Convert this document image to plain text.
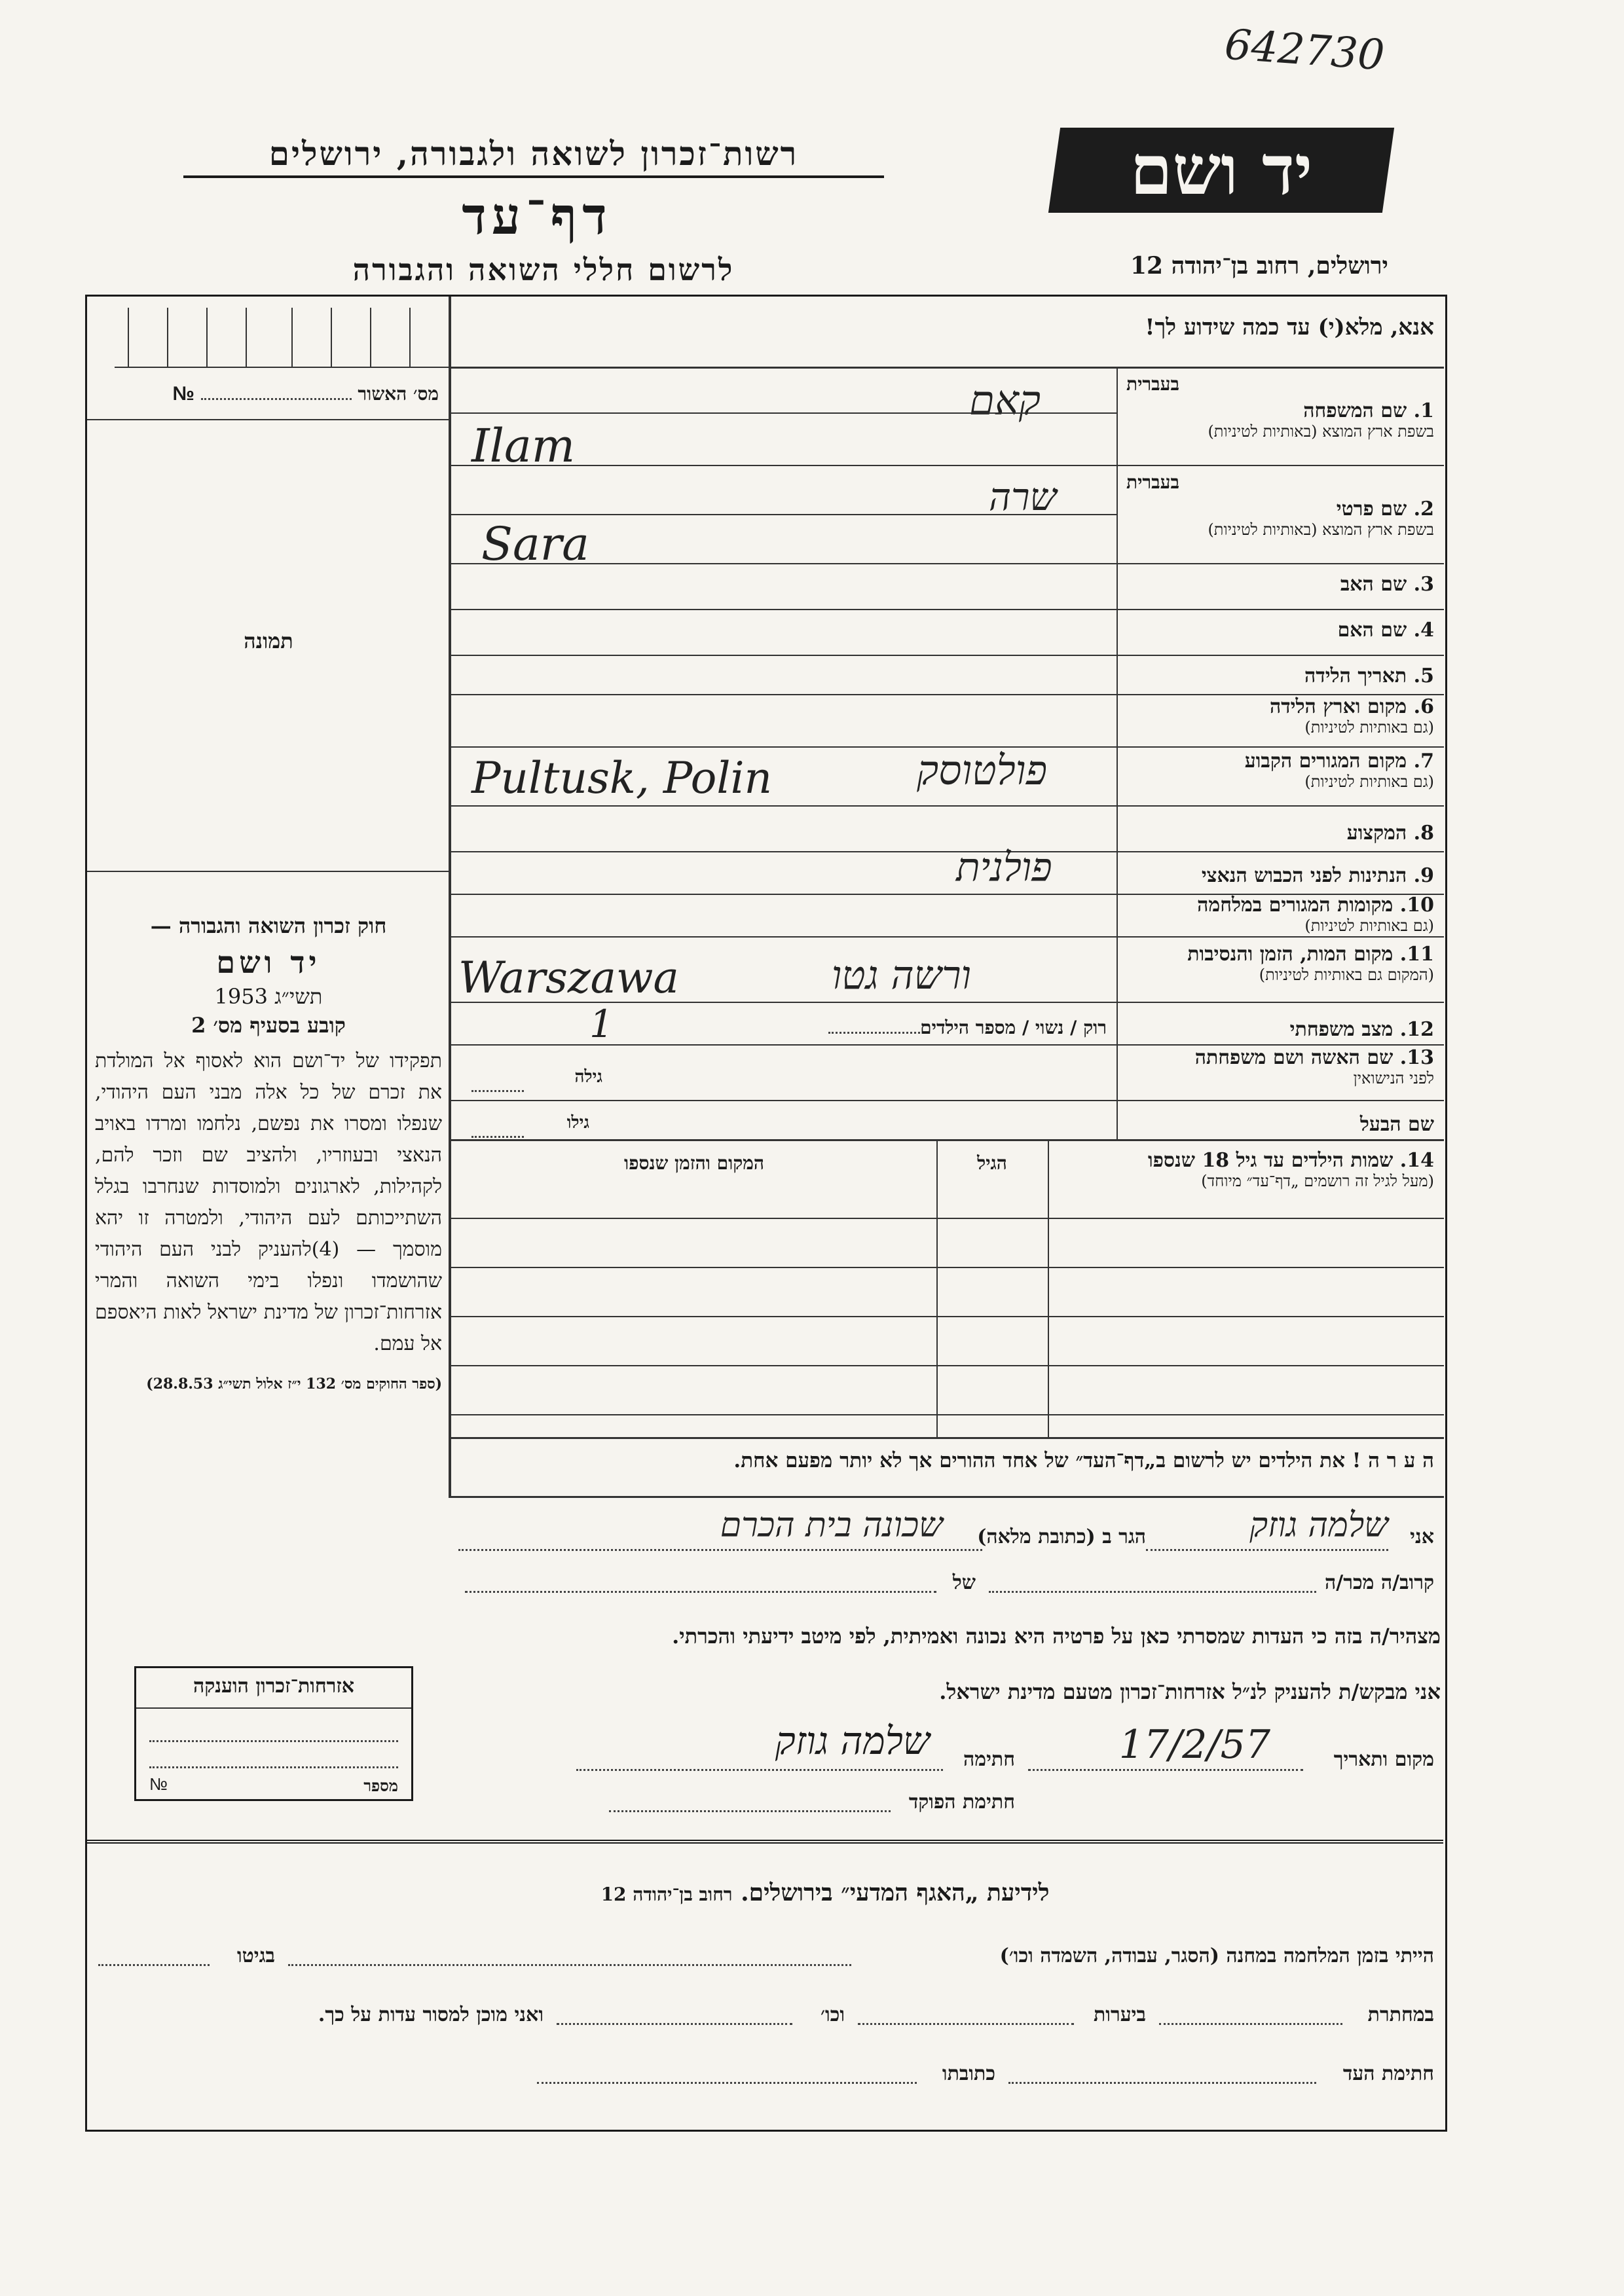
642730
יד ושם
רשות־זכרון לשואה ולגבורה, ירושלים
דף־עד
לרשום חללי השואה והגבורה	ירושלים, רחוב בן־יהודה 12
אנא, מלא(י) עד כמה שידוע לך!
מס׳ האשור  №
תמונה
בעברית
1. שם המשפחה
בשפת ארץ המוצא (באותיות לטיניות)
קאם
Ilam
בעברית
2. שם פרטי
בשפת ארץ המוצא (באותיות לטיניות)
שרה
Sara
3. שם האב
4. שם האם
5. תאריך הלידה
6. מקום וארץ הלידה
(גם באותיות לטיניות)
7. מקום המגורים הקבוע
(גם באותיות לטיניות)
Pultusk, Polin	פולטוסק
8. המקצוע
9. הנתינות לפני הכבוש הנאצי
פולנית
10. מקומות המגורים במלחמה
(גם באותיות לטיניות)
11. מקום המות, הזמן והנסיבות
(המקום גם באותיות לטיניות)
Warszawa	ורשה גטו
12. מצב משפחתי
רוק / נשוי / מספר הילדים
1
13. שם האשה ושם משפחתה
לפני הנישואין
גילה
שם הבעל
גילו
14. שמות הילדים עד גיל 18 שנספו
(מעל לגיל זה רושמים „דף־עד״ מיוחד)
הגיל
המקום והזמן שנספו
ה ע ר ה ! את הילדים יש לרשום ב„דף־העד״ של אחד ההורים אך לא יותר מפעם אחת.
חוק זכרון השואה והגבורה —
יד ושם
תשי״ג 1953
קובע בסעיף מס׳ 2
תפקידו של יד־ושם הוא לאסוף אל המולדת את זכרם של כל אלה מבני העם היהודי, שנפלו ומסרו את נפשם, נלחמו ומרדו באויב הנאצי ובעוזריו, ולהציב שם וזכר להם, לקהילות, לארגונים ולמוסדות שנחרבו בגלל השתייכותם לעם היהודי, ולמטרה זו יהא מוסמך — (4)להעניק לבני העם היהודי שהושמדו ונפלו בימי השואה והמרי אזרחות־זכרון של מדינת ישראל לאות היאספם אל עמם.
(ספר החוקים מס׳ 132 י״ז אלול תשי״ג 28.8.53)
אני
שלמה גוזק
הגר ב (כתובת מלאה)
שכונה בית הכרם
קרוב/ה מכר/ה
של
מצהיר/ה בזה כי העדות שמסרתי כאן על פרטיה היא נכונה ואמיתית, לפי מיטב ידיעתי והכרתי.
אני מבקש/ת להעניק לנ״ל אזרחות־זכרון מטעם מדינת ישראל.
מקום ותאריך
17/2/57
חתימה
שלמה גוזק
חתימת הפוקד
אזרחות־זכרון הוענקה
מספר
№
לידיעת „האגף המדעי״ בירושלים. רחוב בן־יהודה 12
הייתי בזמן המלחמה במחנה (הסגר, עבודה, השמדה וכו׳)
בגיטו
במחתרת
ביערות
וכו׳
ואני מוכן למסור עדות על כך.
חתימת העד
כתובתו
